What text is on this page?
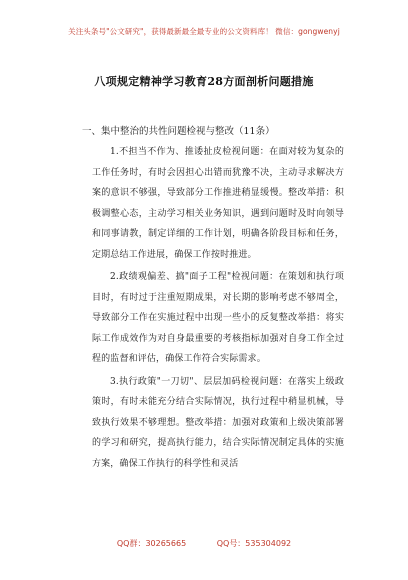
关注头条号"公文研究"，获得最新最全最专业的公文资料库！ 微信：gongwenyj
八项规定精神学习教育28方面剖析问题措施
一、集中整治的共性问题检视与整改（11条）

1.不担当不作为、推诿扯皮检视问题：在面对较为复杂的工作任务时，有时会因担心出错而犹豫不决，主动寻求解决方案的意识不够强，导致部分工作推进稍显缓慢。整改举措：积极调整心态，主动学习相关业务知识，遇到问题时及时向领导和同事请教，制定详细的工作计划，明确各阶段目标和任务，定期总结工作进展，确保工作按时推进。

2.政绩观偏差、搞"面子工程"检视问题：在策划和执行项目时，有时过于注重短期成果，对长期的影响考虑不够周全，导致部分工作在实施过程中出现一些小的反复整改举措：将实际工作成效作为对自身最重要的考核指标加强对自身工作全过程的监督和评估，确保工作符合实际需求。

3.执行政策"一刀切"、层层加码检视问题：在落实上级政策时，有时未能充分结合实际情况，执行过程中稍显机械，导致执行效果不够理想。整改举措：加强对政策和上级决策部署的学习和研究，提高执行能力，结合实际情况制定具体的实施方案，确保工作执行的科学性和灵活

QQ群：30265665	QQ号：535304092
